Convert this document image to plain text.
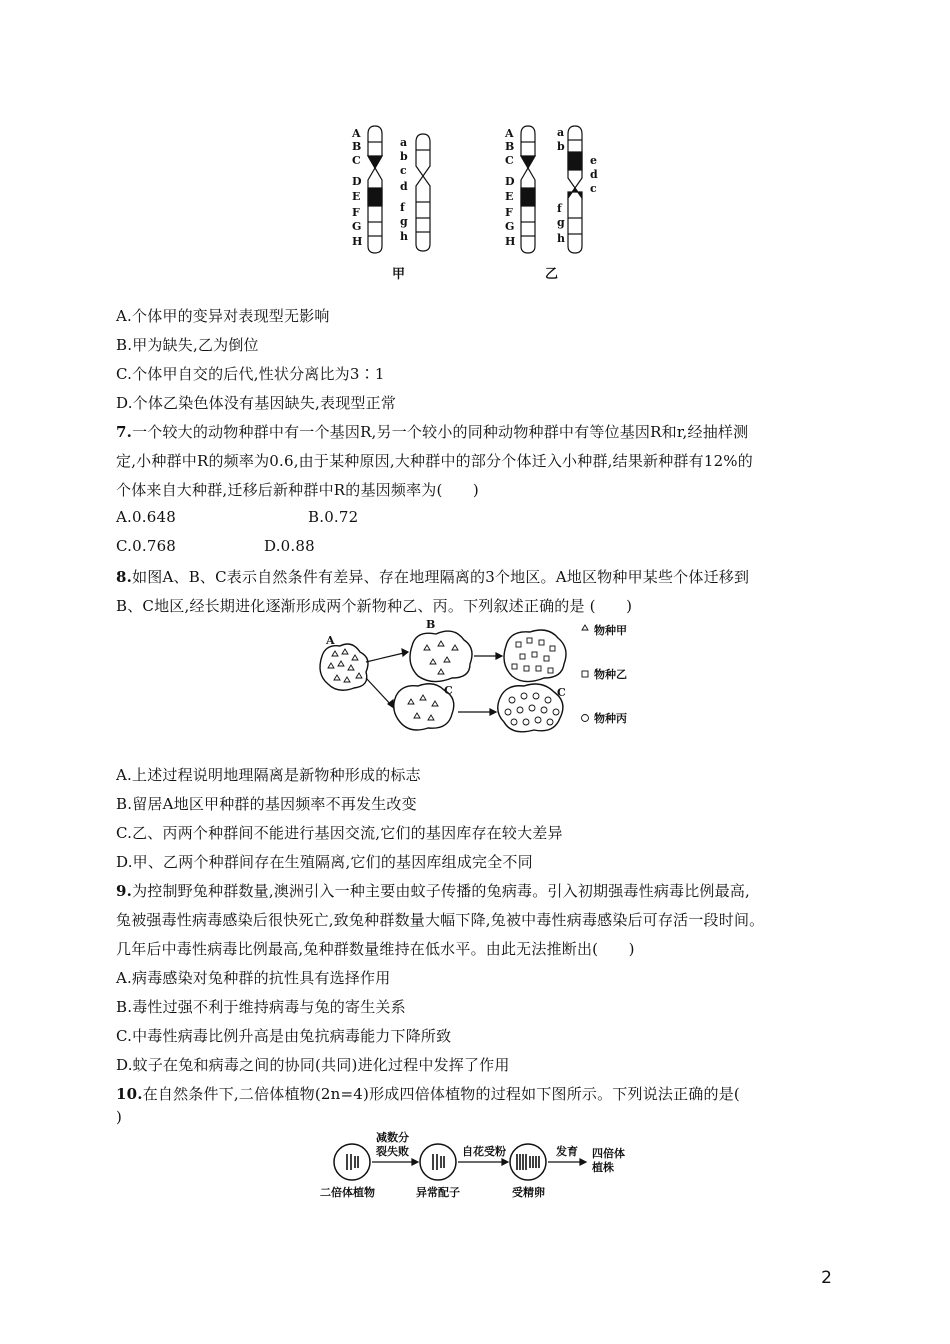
A
B
C
D
E
F
G
H
a
b
c
d
f
g
h
甲
A
B
C
D
E
F
G
H
a
b
f
g
h
e
d
c
乙
A.个体甲的变异对表现型无影响
B.甲为缺失,乙为倒位
C.个体甲自交的后代,性状分离比为3∶1
D.个体乙染色体没有基因缺失,表现型正常
7.一个较大的动物种群中有一个基因R,另一个较小的同种动物种群中有等位基因R和r,经抽样测
定,小种群中R的频率为0.6,由于某种原因,大种群中的部分个体迁入小种群,结果新种群有12%的
个体来自大种群,迁移后新种群中R的基因频率为(　　)
A.0.648	B.0.72
C.0.768	D.0.88
8.如图A、B、C表示自然条件有差异、存在地理隔离的3个地区。A地区物种甲某些个体迁移到
B、C地区,经长期进化逐渐形成两个新物种乙、丙。下列叙述正确的是 (　　)
A
B
C	C
物种甲
物种乙
物种丙
A.上述过程说明地理隔离是新物种形成的标志
B.留居A地区甲种群的基因频率不再发生改变
C.乙、丙两个种群间不能进行基因交流,它们的基因库存在较大差异
D.甲、乙两个种群间存在生殖隔离,它们的基因库组成完全不同
9.为控制野兔种群数量,澳洲引入一种主要由蚊子传播的兔病毒。引入初期强毒性病毒比例最高,
兔被强毒性病毒感染后很快死亡,致兔种群数量大幅下降,兔被中毒性病毒感染后可存活一段时间。
几年后中毒性病毒比例最高,兔种群数量维持在低水平。由此无法推断出(　　)
A.病毒感染对兔种群的抗性具有选择作用
B.毒性过强不利于维持病毒与兔的寄生关系
C.中毒性病毒比例升高是由兔抗病毒能力下降所致
D.蚊子在兔和病毒之间的协同(共同)进化过程中发挥了作用
10.在自然条件下,二倍体植物(2n=4)形成四倍体植物的过程如下图所示。下列说法正确的是(
)
减数分
裂失败	自花受粉	发育 四倍体
植株
二倍体植物	异常配子	受精卵
2
